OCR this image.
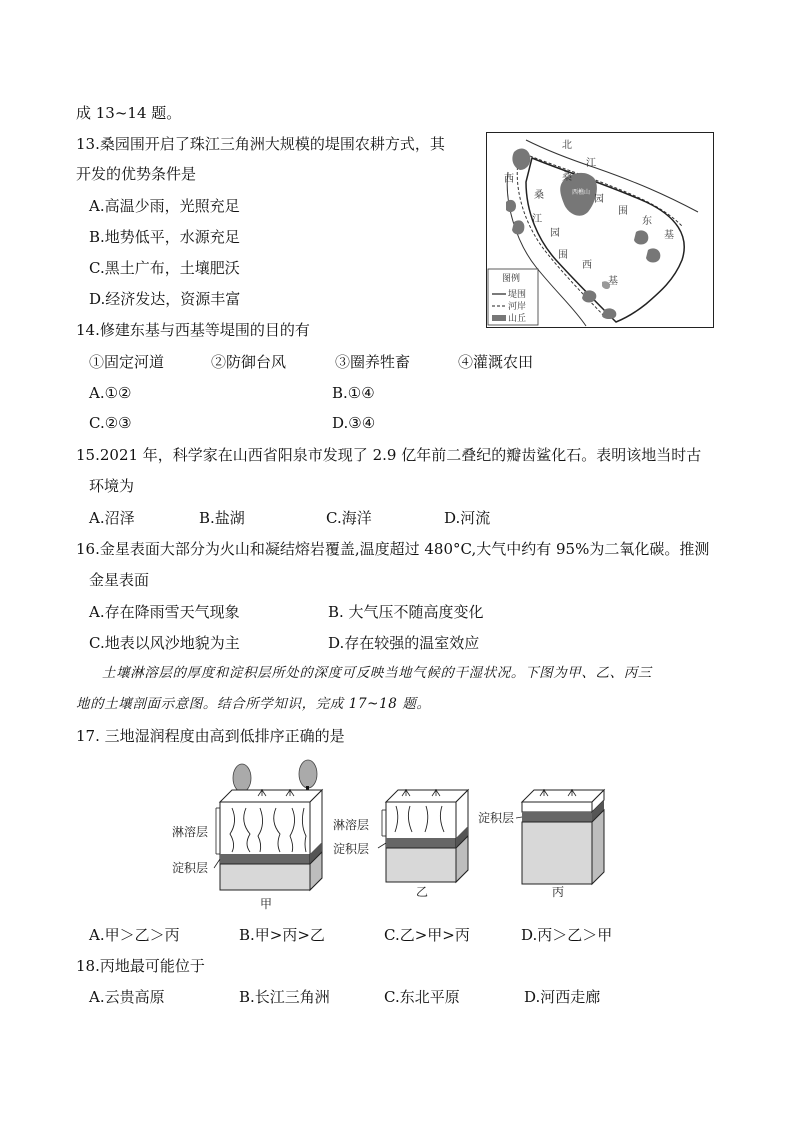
成 13~14 题。
13.桑园围开启了珠江三角洲大规模的堤围农耕方式，其
开发的优势条件是
A.高温少雨，光照充足
B.地势低平，水源充足
C.黑土广布，土壤肥沃
D.经济发达，资源丰富
北
江
西
桑
江
园
围
西
基
桑
园
围
东
基
西樵山
图例
堤围
河岸
山丘
14.修建东基与西基等堤围的目的有
①固定河道	②防御台风	③圈养牲畜	④灌溉农田
A.①②	B.①④
C.②③	D.③④
15.2021 年，科学家在山西省阳泉市发现了 2.9 亿年前二叠纪的瓣齿鲨化石。表明该地当时古
环境为
A.沼泽	B.盐湖	C.海洋	D.河流
16.金星表面大部分为火山和凝结熔岩覆盖,温度超过 480°C,大气中约有 95%为二氧化碳。推测
金星表面
A.存在降雨雪天气现象	B. 大气压不随高度变化
C.地表以风沙地貌为主	D.存在较强的温室效应
土壤淋溶层的厚度和淀积层所处的深度可反映当地气候的干湿状况。下图为甲、乙、丙三
地的土壤剖面示意图。结合所学知识，完成 17~18 题。
17. 三地湿润程度由高到低排序正确的是
淋溶层
淀积层
甲
淋溶层
淀积层
乙
淀积层
丙
A.甲＞乙＞丙	B.甲>丙>乙	C.乙>甲>丙	D.丙＞乙＞甲
18.丙地最可能位于
A.云贵高原	B.长江三角洲	C.东北平原	D.河西走廊
